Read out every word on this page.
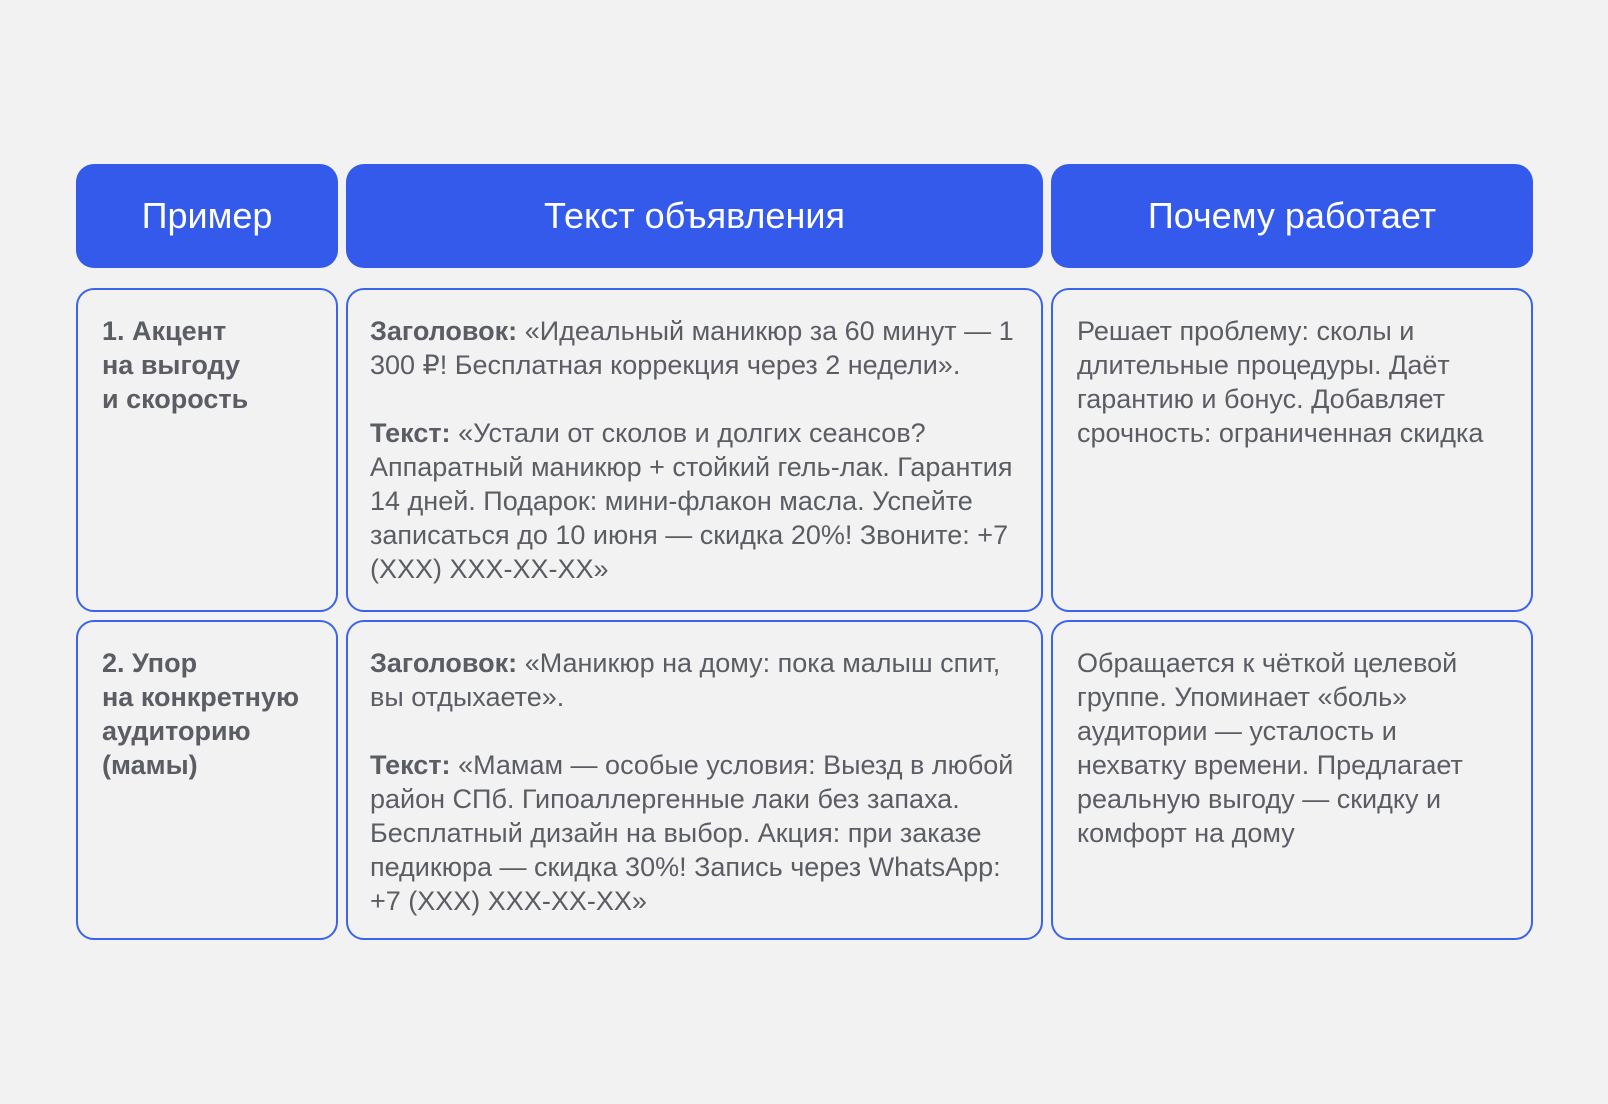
Пример	Текст объявления	Почему работает
1. Акцент
на выгоду
и скорость

Заголовок: «Идеальный маникюр за 60 минут — 1 300 ₽! Бесплатная коррекция через 2 недели».

Текст: «Устали от сколов и долгих сеансов? Аппаратный маникюр + стойкий гель-лак. Гарантия 14 дней. Подарок: мини-флакон масла. Успейте записаться до 10 июня — скидка 20%! Звоните: +7 (XXX) XXX-XX-XX»

Решает проблему: сколы и длительные процедуры. Даёт гарантию и бонус. Добавляет срочность: ограниченная скидка

2. Упор
на конкретную
аудиторию
(мамы)

Заголовок: «Маникюр на дому: пока малыш спит, вы отдыхаете».

Текст: «Мамам — особые условия: Выезд в любой район СПб. Гипоаллергенные лаки без запаха. Бесплатный дизайн на выбор. Акция: при заказе педикюра — скидка 30%! Запись через WhatsApp: +7 (XXX) XXX-XX-XX»

Обращается к чёткой целевой группе. Упоминает «боль» аудитории — усталость и нехватку времени. Предлагает реальную выгоду — скидку и комфорт на дому
